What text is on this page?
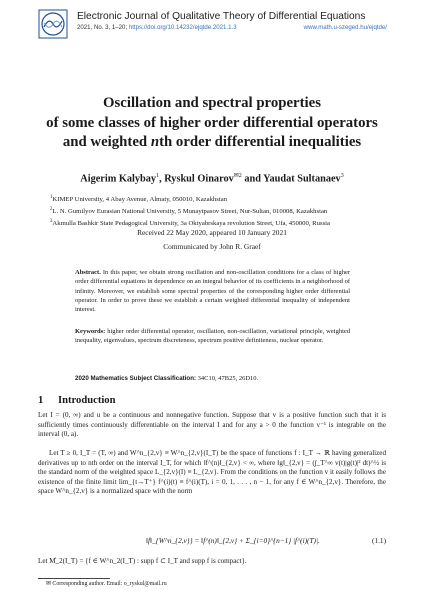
Electronic Journal of Qualitative Theory of Differential Equations
2021, No. 3, 1–20; https://doi.org/10.14232/ejqtde.2021.1.3	www.math.u-szeged.hu/ejqtde/
Oscillation and spectral properties
of some classes of higher order differential operators
and weighted nth order differential inequalities
Aigerim Kalybay$^1$, Ryskul Oinarov$^{✉2}$ and Yaudat Sultanaev$^3$
$^1$KIMEP University, 4 Abay Avenue, Almaty, 050010, Kazakhstan
$^2$L. N. Gumilyov Eurasian National University, 5 Munaytpasov Street, Nur-Sultan, 010008, Kazakhstan
$^3$Akmulla Bashkir State Pedagogical University, 3a Oktyabrskaya revolution Street, Ufa, 450000, Russia
Received 22 May 2020, appeared 10 January 2021
Communicated by John R. Graef
Abstract. In this paper, we obtain strong oscillation and non-oscillation conditions for a class of higher order differential equations in dependence on an integral behavior of its coefficients in a neighborhood of infinity. Moreover, we establish some spectral properties of the corresponding higher order differential operator. In order to prove these we establish a certain weighted differential inequality of independent interest.
Keywords: higher order differential operator, oscillation, non-oscillation, variational principle, weighted inequality, eigenvalues, spectrum discreteness, spectrum positive definiteness, nuclear operator.
2020 Mathematics Subject Classification: 34C10, 47B25, 26D10.
1 Introduction
Let I = (0, ∞) and u be a continuous and nonnegative function. Suppose that v is a positive function such that it is sufficiently times continuously differentiable on the interval I and for any a > 0 the function v⁻¹ is integrable on the interval (0, a).
Let T ≥ 0, I_T = (T, ∞) and W^n_{2,v} ≡ W^n_{2,v}(I_T) be the space of functions f : I_T → ℝ having generalized derivatives up to nth order on the interval I_T, for which ‖f^(n)‖_{2,v} < ∞, where ‖g‖_{2,v} = (∫_T^∞ v(t)|g(t)|² dt)^½ is the standard norm of the weighted space L_{2,v}(I) ≡ L_{2,v}. From the conditions on the function v it easily follows the existence of the finite limit lim_{t→T⁺} f^(i)(t) ≡ f^(i)(T), i = 0, 1, . . . , n − 1, for any f ∈ W^n_{2,v}. Therefore, the space W^n_{2,v} is a normalized space with the norm
‖f‖_{W^n_{2,v}} = ‖f^(n)‖_{2,v} + Σ_{i=0}^{n−1} |f^(i)(T)|.	(1.1)
Let M̊_2(I_T) = {f ∈ W^n_2(I_T) : supp f ⊂ I_T and supp f is compact}.
✉ Corresponding author. Email: o_ryskul@mail.ru
